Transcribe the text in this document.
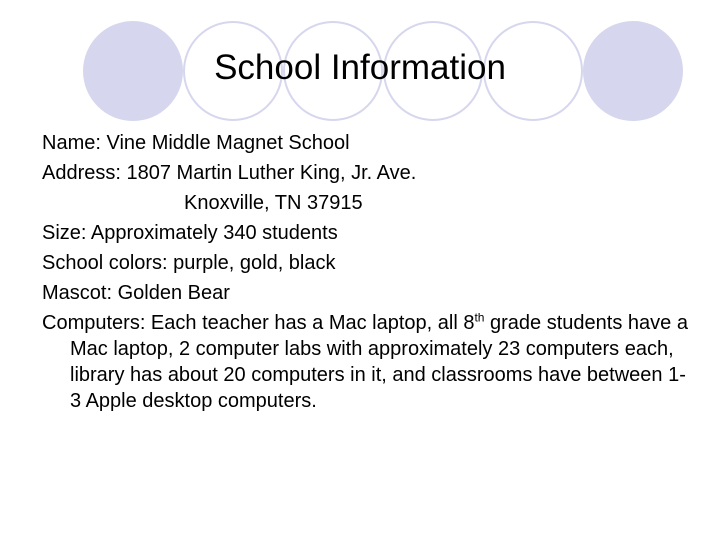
School Information
Name: Vine Middle Magnet School
Address: 1807 Martin Luther King, Jr. Ave.
Knoxville, TN 37915
Size: Approximately 340 students
School colors: purple, gold, black
Mascot: Golden Bear
Computers: Each teacher has a Mac laptop, all 8th grade students have a Mac laptop, 2 computer labs with approximately 23 computers each, library has about 20 computers in it, and classrooms have between 1-3 Apple desktop computers.
